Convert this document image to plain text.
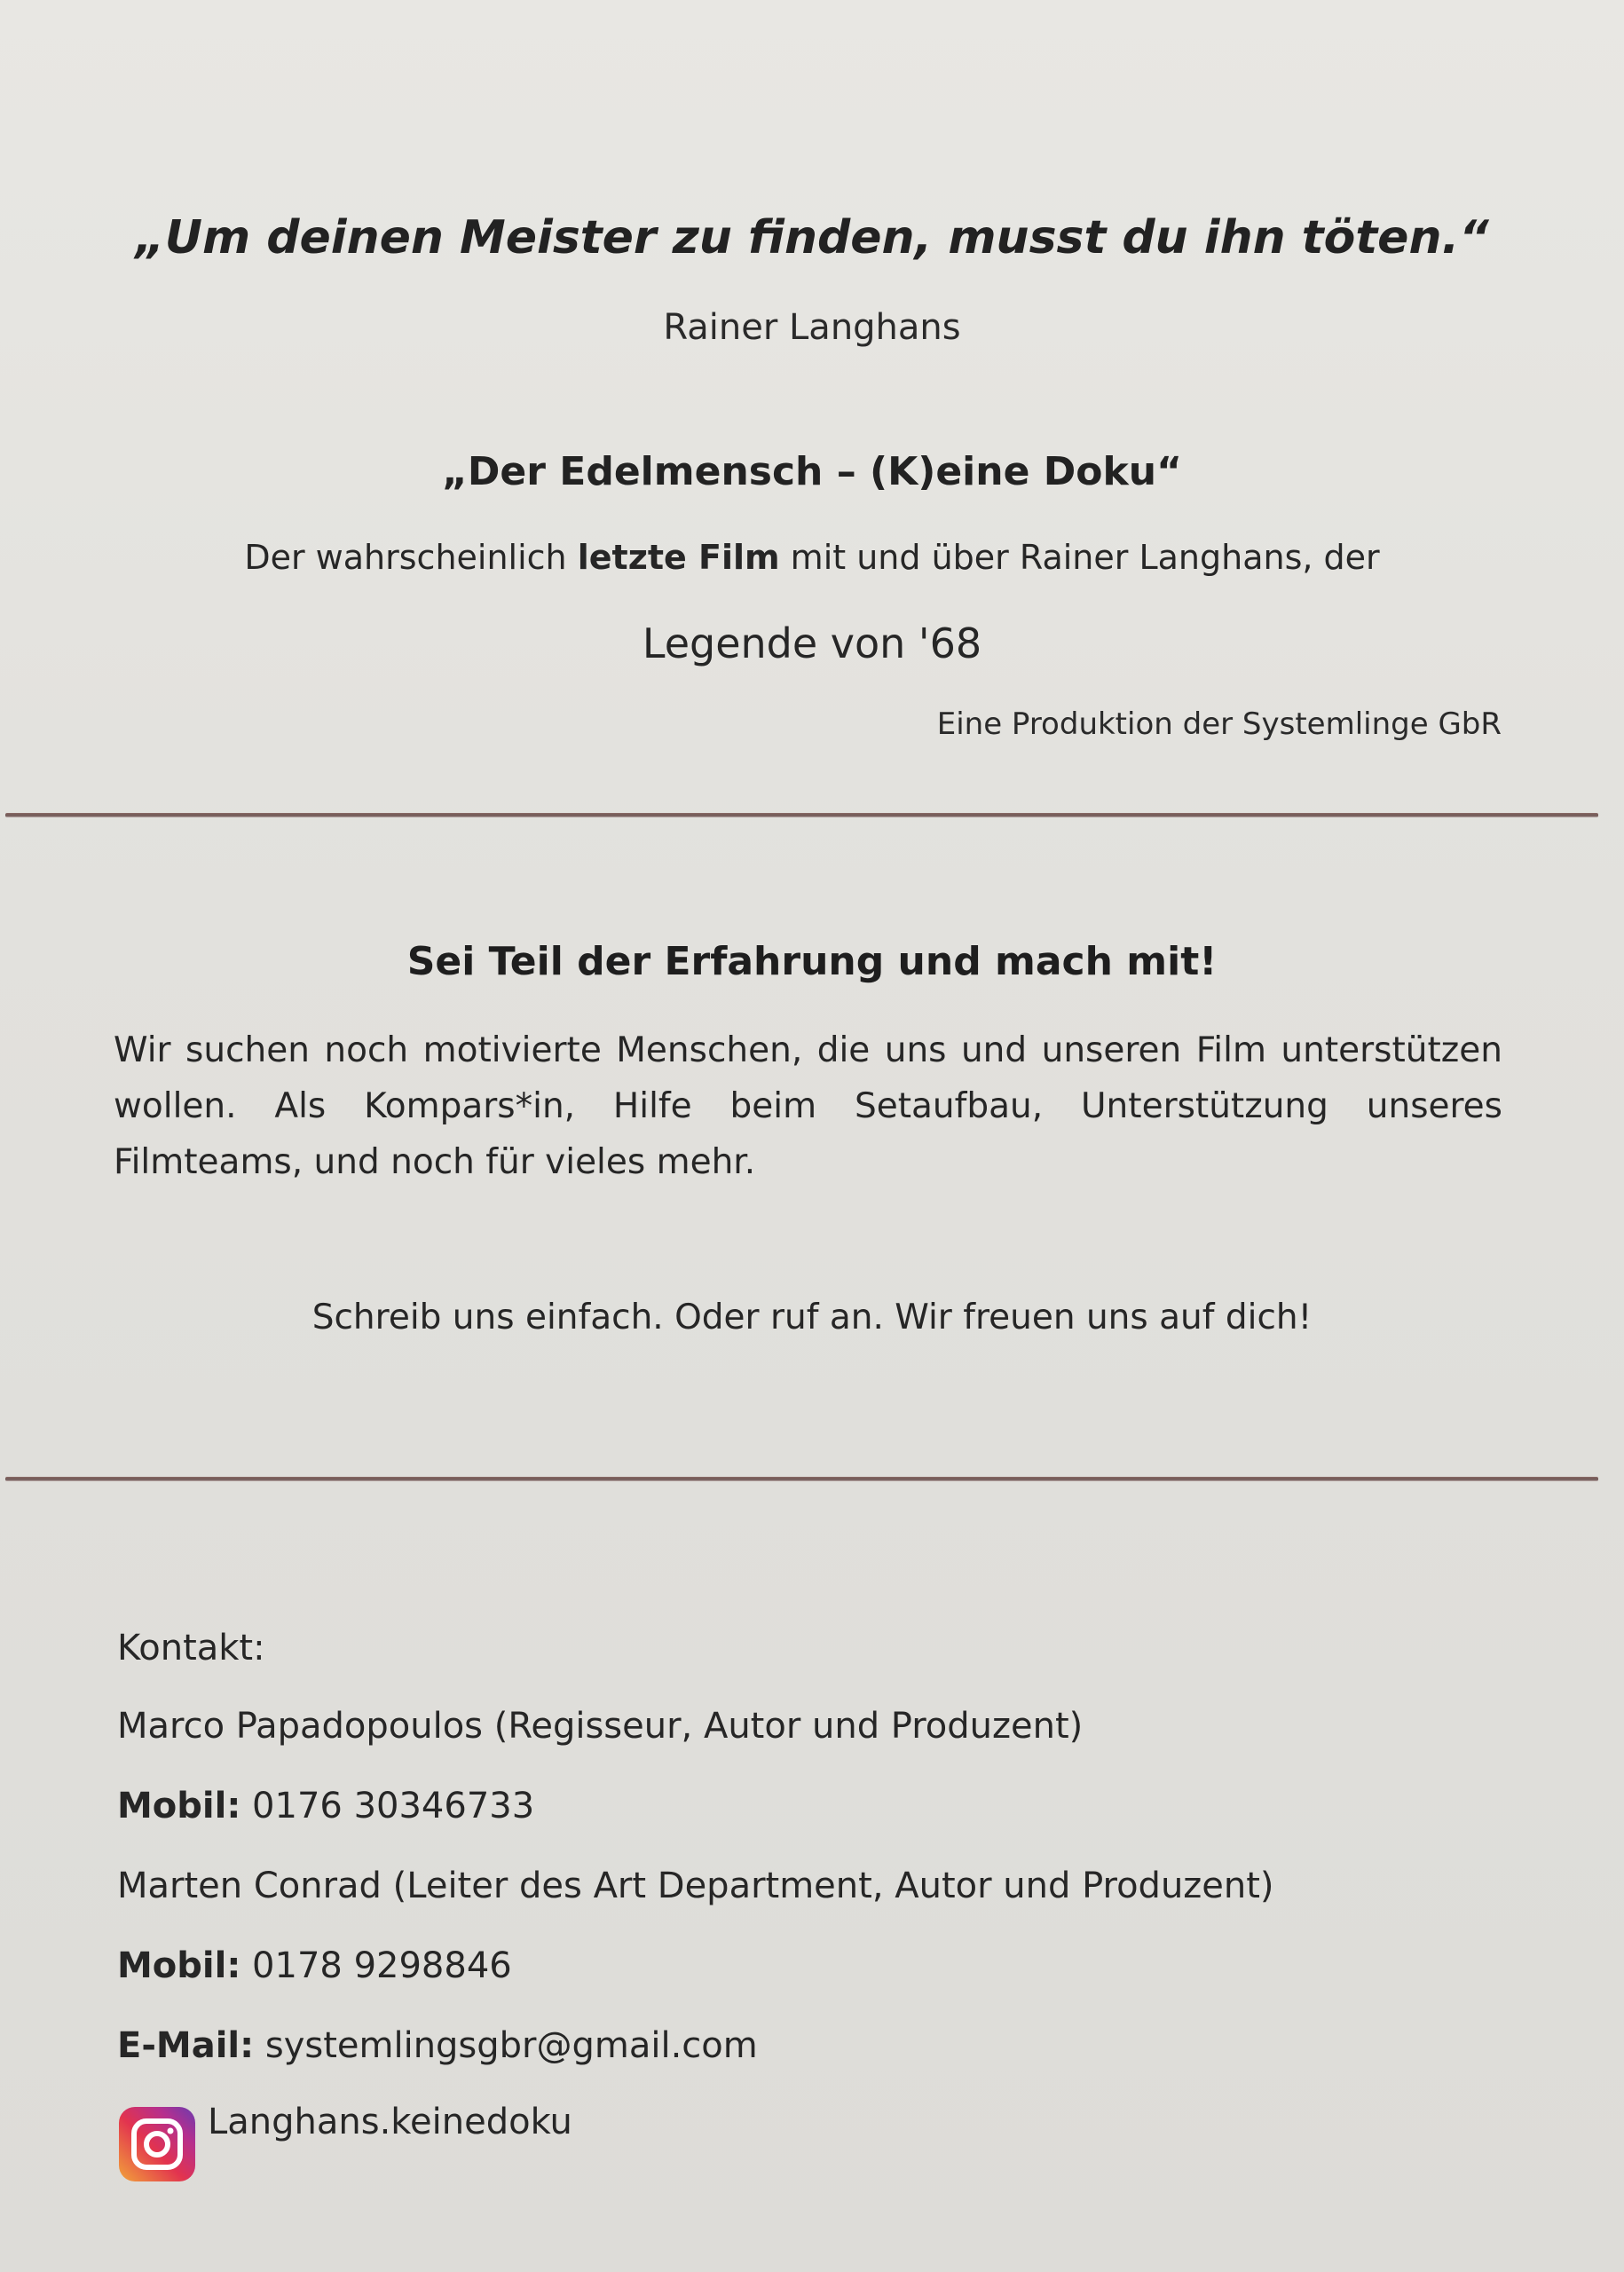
„Um deinen Meister zu finden, musst du ihn töten.“
Rainer Langhans
„Der Edelmensch – (K)eine Doku“
Der wahrscheinlich letzte Film mit und über Rainer Langhans, der
Legende von '68
Eine Produktion der Systemlinge GbR
Sei Teil der Erfahrung und mach mit!
Wir suchen noch motivierte Menschen, die uns und unseren Film unterstützen wollen. Als Kompars*in, Hilfe beim Setaufbau, Unterstützung unseres Filmteams, und noch für vieles mehr.
Schreib uns einfach. Oder ruf an. Wir freuen uns auf dich!
Kontakt:
Marco Papadopoulos (Regisseur, Autor und Produzent)
Mobil: 0176 30346733
Marten Conrad (Leiter des Art Department, Autor und Produzent)
Mobil: 0178 9298846
E-Mail: systemlingsgbr@gmail.com
Langhans.keinedoku
